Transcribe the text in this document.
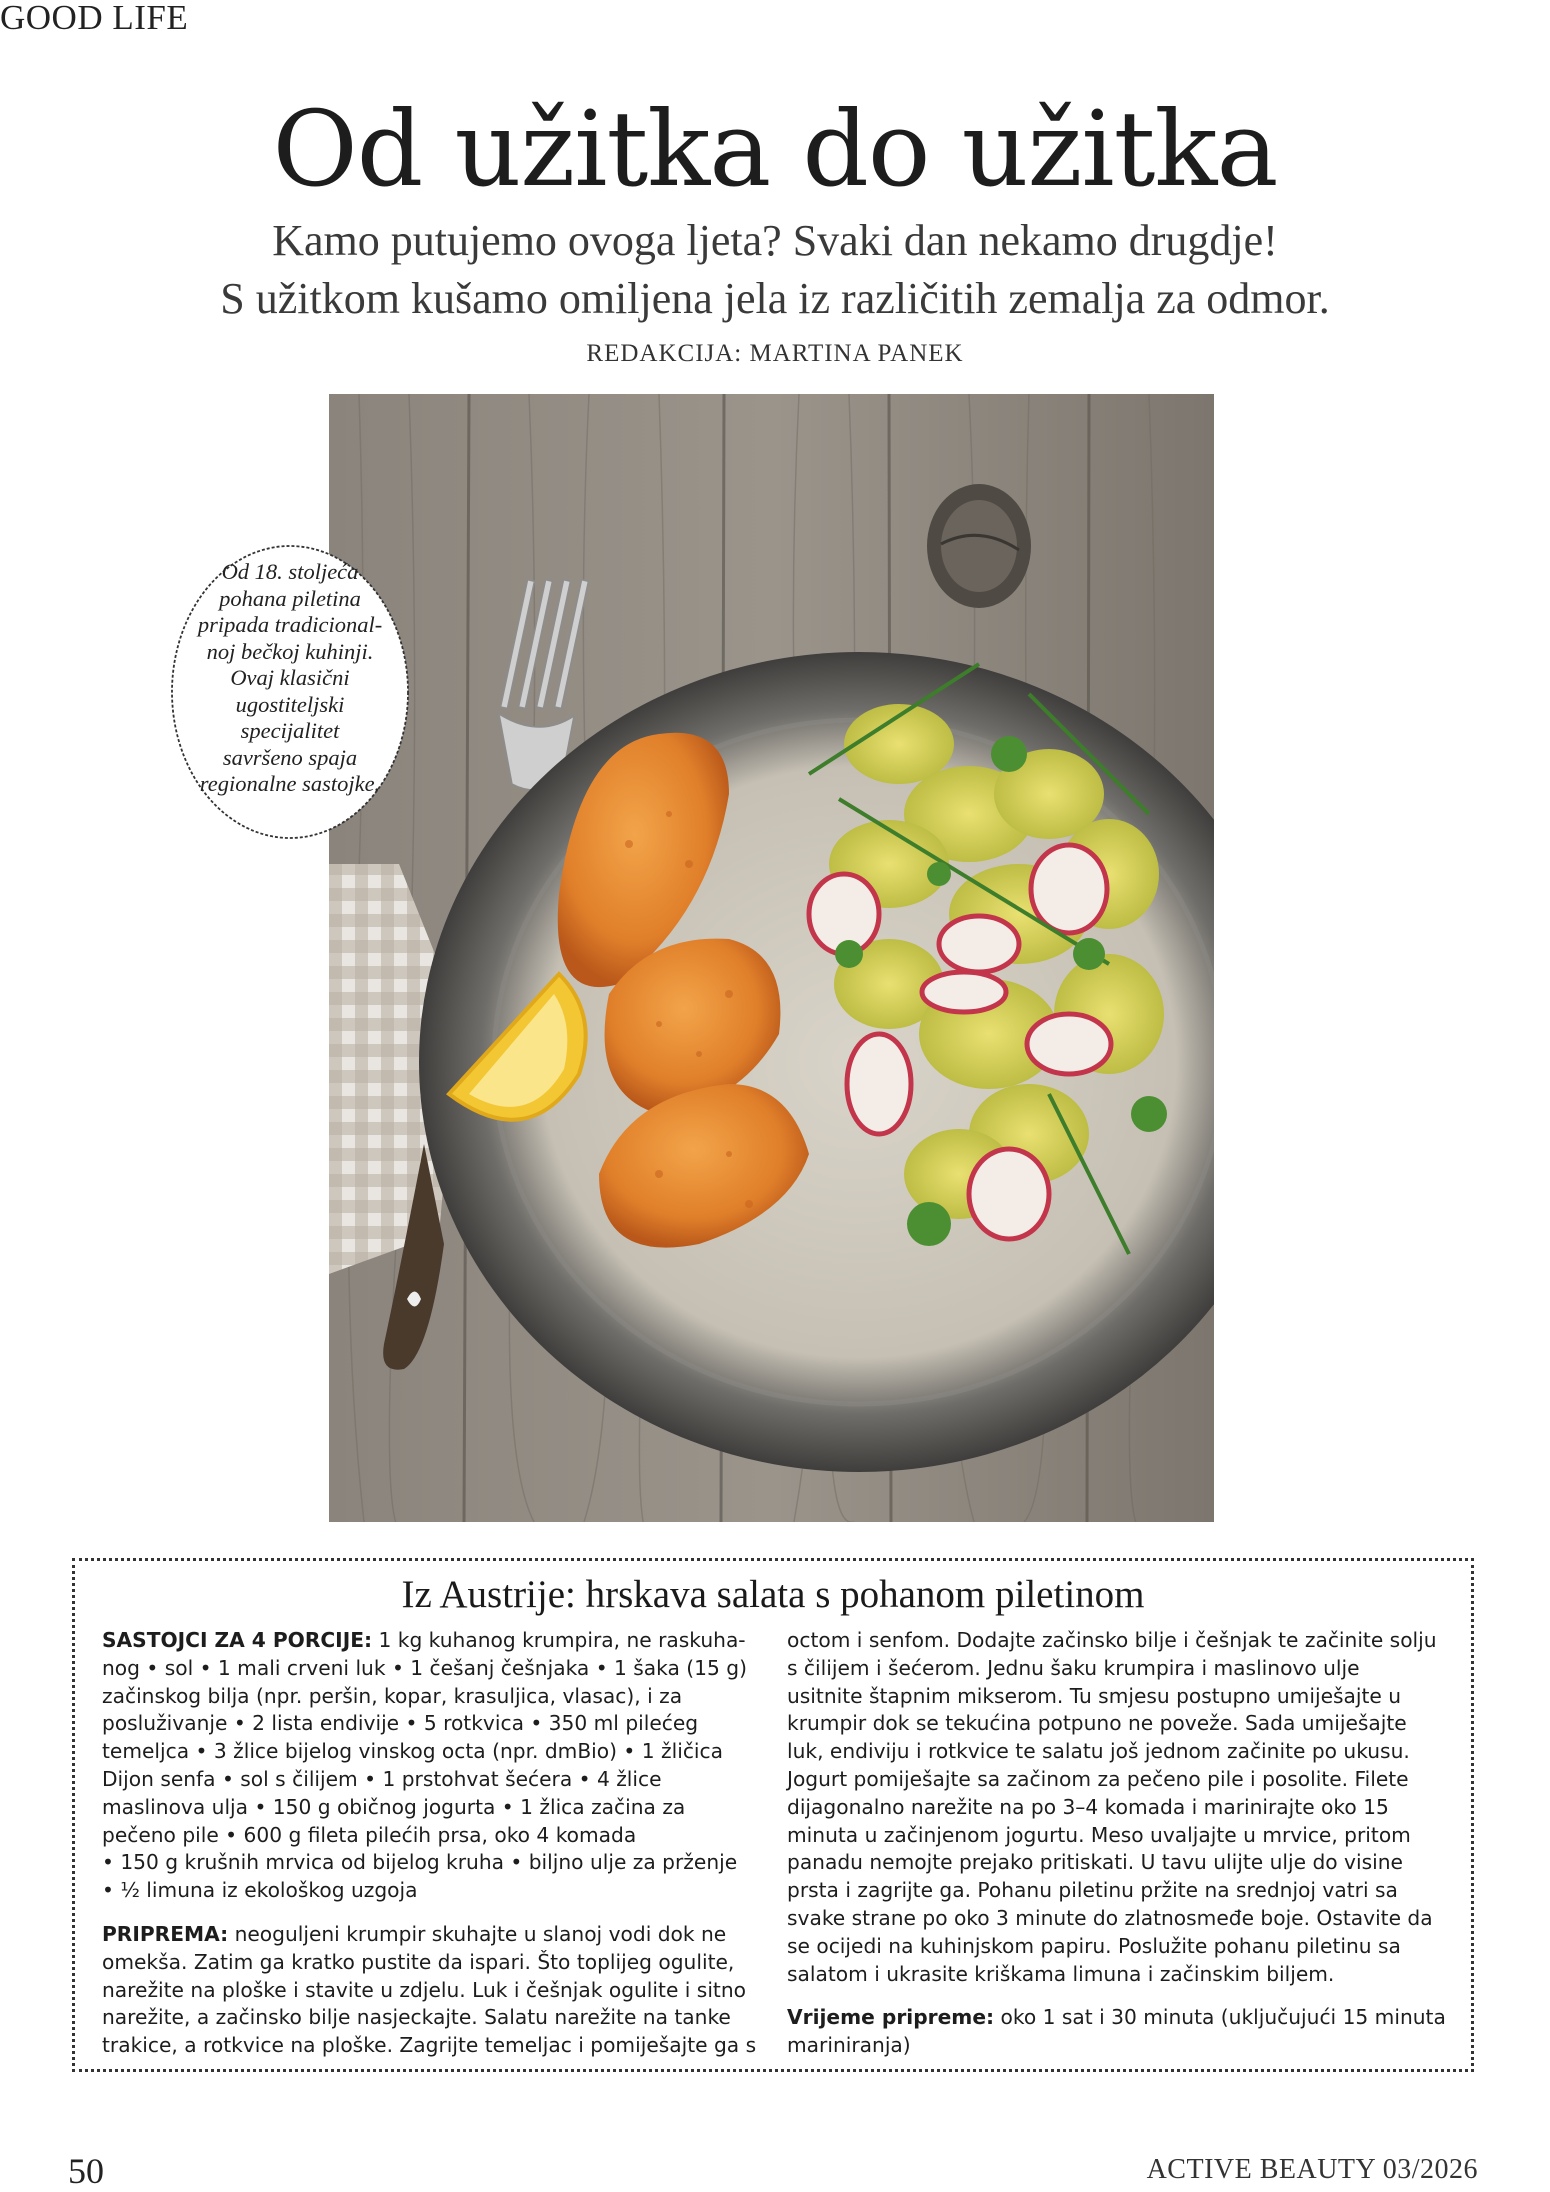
GOOD LIFE
Od užitka do užitka
Kamo putujemo ovoga ljeta? Svaki dan nekamo drugdje!
S užitkom kušamo omiljena jela iz različitih zemalja za odmor.
REDAKCIJA: MARTINA PANEK
Od 18. stoljeća
pohana piletina
pripada tradicional-
noj bečkoj kuhinji.
Ovaj klasični
ugostiteljski
specijalitet
savršeno spaja
regionalne sastojke.
Iz Austrije: hrskava salata s pohanom piletinom

SASTOJCI ZA 4 PORCIJE: 1 kg kuhanog krumpira, ne raskuha-
nog • sol • 1 mali crveni luk • 1 češanj češnjaka • 1 šaka (15 g)
začinskog bilja (npr. peršin, kopar, krasuljica, vlasac), i za
posluživanje • 2 lista endivije • 5 rotkvica • 350 ml pilećeg
temeljca • 3 žlice bijelog vinskog octa (npr. dmBio) • 1 žličica
Dijon senfa • sol s čilijem • 1 prstohvat šećera • 4 žlice
maslinova ulja • 150 g običnog jogurta • 1 žlica začina za
pečeno pile • 600 g fileta pilećih prsa, oko 4 komada
• 150 g krušnih mrvica od bijelog kruha • biljno ulje za prženje
• ½ limuna iz ekološkog uzgoja

PRIPREMA: neoguljeni krumpir skuhajte u slanoj vodi dok ne
omekša. Zatim ga kratko pustite da ispari. Što toplijeg ogulite,
narežite na ploške i stavite u zdjelu. Luk i češnjak ogulite i sitno
narežite, a začinsko bilje nasjeckajte. Salatu narežite na tanke
trakice, a rotkvice na ploške. Zagrijte temeljac i pomiješajte ga s

octom i senfom. Dodajte začinsko bilje i češnjak te začinite solju
s čilijem i šećerom. Jednu šaku krumpira i maslinovo ulje
usitnite štapnim mikserom. Tu smjesu postupno umiješajte u
krumpir dok se tekućina potpuno ne poveže. Sada umiješajte
luk, endiviju i rotkvice te salatu još jednom začinite po ukusu.
Jogurt pomiješajte sa začinom za pečeno pile i posolite. Filete
dijagonalno narežite na po 3–4 komada i marinirajte oko 15
minuta u začinjenom jogurtu. Meso uvaljajte u mrvice, pritom
panadu nemojte prejako pritiskati. U tavu ulijte ulje do visine
prsta i zagrijte ga. Pohanu piletinu pržite na srednjoj vatri sa
svake strane po oko 3 minute do zlatnosmeđe boje. Ostavite da
se ocijedi na kuhinjskom papiru. Poslužite pohanu piletinu sa
salatom i ukrasite kriškama limuna i začinskim biljem.

Vrijeme pripreme: oko 1 sat i 30 minuta (uključujući 15 minuta
mariniranja)

50	ACTIVE BEAUTY 03/2026
